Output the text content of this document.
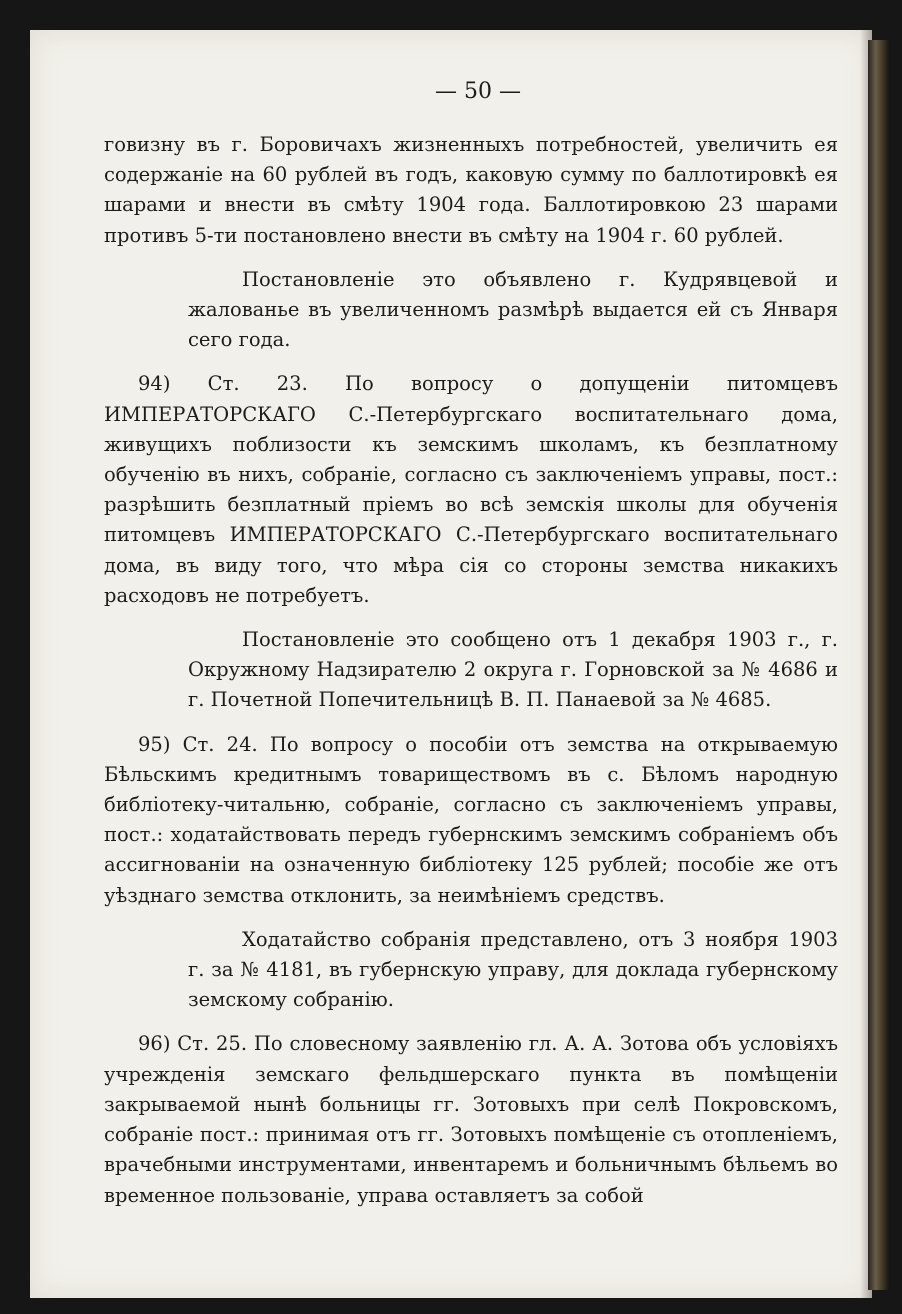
— 50 —

говизну въ г. Боровичахъ жизненныхъ потребностей, увеличить ея содержаніе на 60 рублей въ годъ, каковую сумму по баллотировкѣ ея шарами и внести въ смѣту 1904 года. Баллотировкою 23 шарами противъ 5-ти постановлено внести въ смѣту на 1904 г. 60 рублей.

Постановленіе это объявлено г. Кудрявцевой и жалованье въ увеличенномъ размѣрѣ выдается ей съ Января сего года.

94) Ст. 23. По вопросу о допущеніи питомцевъ ИМПЕРАТОРСКАГО С.-Петербургскаго воспитательнаго дома, живущихъ поблизости къ земскимъ школамъ, къ безплатному обученію въ нихъ, собраніе, согласно съ заключеніемъ управы, пост.: разрѣшить безплатный пріемъ во всѣ земскія школы для обученія питомцевъ ИМПЕРАТОРСКАГО С.-Петербургскаго воспитательнаго дома, въ виду того, что мѣра сія со стороны земства никакихъ расходовъ не потребуетъ.

Постановленіе это сообщено отъ 1 декабря 1903 г., г. Окружному Надзирателю 2 округа г. Горновской за № 4686 и г. Почетной Попечительницѣ В. П. Панаевой за № 4685.

95) Ст. 24. По вопросу о пособіи отъ земства на открываемую Бѣльскимъ кредитнымъ товариществомъ въ с. Бѣломъ народную библіотеку-читальню, собраніе, согласно съ заключеніемъ управы, пост.: ходатайствовать передъ губернскимъ земскимъ собраніемъ объ ассигнованіи на означенную библіотеку 125 рублей; пособіе же отъ уѣзднаго земства отклонить, за неимѣніемъ средствъ.

Ходатайство собранія представлено, отъ 3 ноября 1903 г. за № 4181, въ губернскую управу, для доклада губернскому земскому собранію.

96) Ст. 25. По словесному заявленію гл. А. А. Зотова объ условіяхъ учрежденія земскаго фельдшерскаго пункта въ помѣщеніи закрываемой нынѣ больницы гг. Зотовыхъ при селѣ Покровскомъ, собраніе пост.: принимая отъ гг. Зотовыхъ помѣщеніе съ отопленіемъ, врачебными инструментами, инвентаремъ и больничнымъ бѣльемъ во временное пользованіе, управа оставляетъ за собой
